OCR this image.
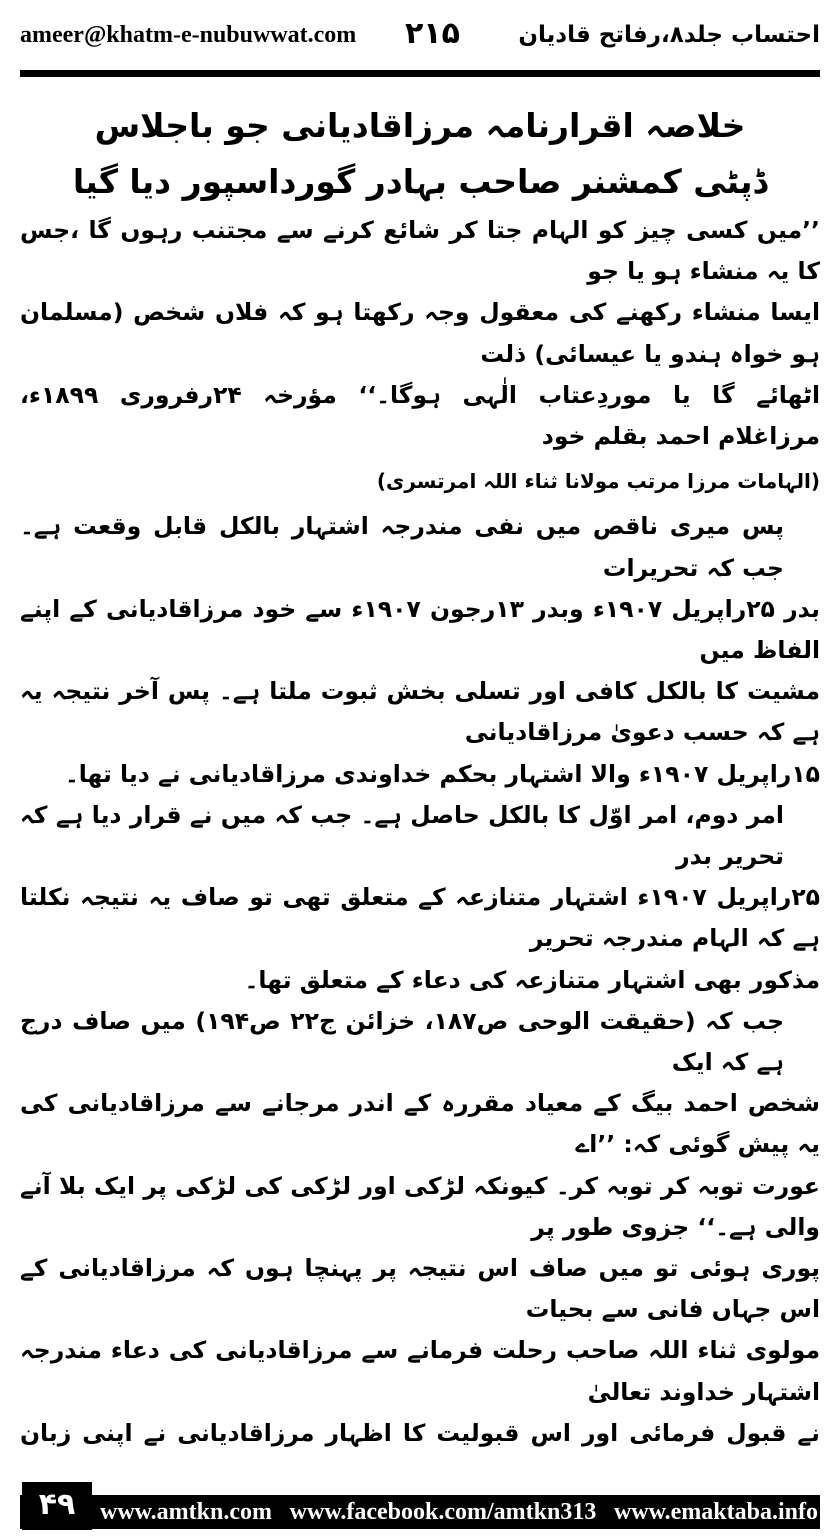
ameer@khatm-e-nubuwwat.com ۲۱۵	احتساب جلد۸،رفاتح قادیان

خلاصہ اقرارنامہ مرزاقادیانی جو باجلاس

ڈپٹی کمشنر صاحب بہادر گورداسپور دیا گیا

’’میں کسی چیز کو الہام جتا کر شائع کرنے سے مجتنب رہوں گا ،جس کا یہ منشاء ہو یا جو
ایسا منشاء رکھنے کی معقول وجہ رکھتا ہو کہ فلاں شخص (مسلمان ہو خواہ ہندو یا عیسائی) ذلت
اٹھائے گا یا موردِعتاب الٰہی ہوگا۔‘‘ مؤرخہ ۲۴رفروری ۱۸۹۹ء، مرزاغلام احمد بقلم خود
(الہامات مرزا مرتب مولانا ثناء اللہ امرتسری)
پس میری ناقص میں نفی مندرجہ اشتہار بالکل قابل وقعت ہے۔ جب کہ تحریرات
بدر ۲۵راپریل ۱۹۰۷ء وبدر ۱۳رجون ۱۹۰۷ء سے خود مرزاقادیانی کے اپنے الفاظ میں
مشیت کا بالکل کافی اور تسلی بخش ثبوت ملتا ہے۔ پس آخر نتیجہ یہ ہے کہ حسب دعویٰ مرزاقادیانی
۱۵راپریل ۱۹۰۷ء والا اشتہار بحکم خداوندی مرزاقادیانی نے دیا تھا۔
امر دوم، امر اوّل کا بالکل حاصل ہے۔ جب کہ میں نے قرار دیا ہے کہ تحریر بدر
۲۵راپریل ۱۹۰۷ء اشتہار متنازعہ کے متعلق تھی تو صاف یہ نتیجہ نکلتا ہے کہ الہام مندرجہ تحریر
مذکور بھی اشتہار متنازعہ کی دعاء کے متعلق تھا۔
جب کہ (حقیقت الوحی ص۱۸۷، خزائن ج۲۲ ص۱۹۴) میں صاف درج ہے کہ ایک
شخص احمد بیگ کے معیاد مقررہ کے اندر مرجانے سے مرزاقادیانی کی یہ پیش گوئی کہ: ’’اے
عورت توبہ کر توبہ کر۔ کیونکہ لڑکی اور لڑکی کی لڑکی پر ایک بلا آنے والی ہے۔‘‘ جزوی طور پر
پوری ہوئی تو میں صاف اس نتیجہ پر پہنچا ہوں کہ مرزاقادیانی کے اس جہاں فانی سے بحیات
مولوی ثناء اللہ صاحب رحلت فرمانے سے مرزاقادیانی کی دعاء مندرجہ اشتہار خداوند تعالیٰ
نے قبول فرمائی اور اس قبولیت کا اظہار مرزاقادیانی نے اپنی زبان
۴۹	www.amtkn.com www.facebook.com/amtkn313 www.emaktaba.info
